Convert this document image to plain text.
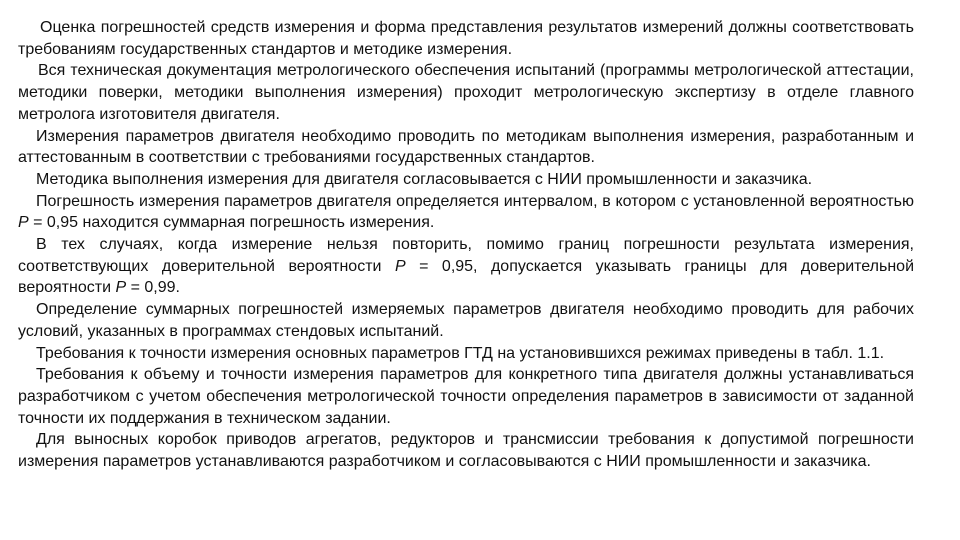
Оценка погрешностей средств измерения и форма представления результатов измерений должны соответствовать требованиям государственных стандартов и методике измерения.

Вся техническая документация метрологического обеспечения испытаний (программы метрологической аттестации, методики поверки, методики выполнения измерения) проходит метрологическую экспертизу в отделе главного метролога изготовителя двигателя.

Измерения параметров двигателя необходимо проводить по методикам выполнения измерения, разработанным и аттестованным в соответствии с требованиями государственных стандартов.

Методика выполнения измерения для двигателя согласовывается с НИИ промышленности и заказчика.

Погрешность измерения параметров двигателя определяется интервалом, в котором с установленной вероятностью P = 0,95 находится суммарная погрешность измерения.

В тех случаях, когда измерение нельзя повторить, помимо границ погрешности результата измерения, соответствующих доверительной вероятности P = 0,95, допускается указывать границы для доверительной вероятности P = 0,99.

Определение суммарных погрешностей измеряемых параметров двигателя необходимо проводить для рабочих условий, указанных в программах стендовых испытаний.

Требования к точности измерения основных параметров ГТД на установившихся режимах приведены в табл. 1.1.

Требования к объему и точности измерения параметров для конкретного типа двигателя должны устанавливаться разработчиком с учетом обеспечения метрологической точности определения параметров в зависимости от заданной точности их поддержания в техническом задании.

Для выносных коробок приводов агрегатов, редукторов и трансмиссии требования к допустимой погрешности измерения параметров устанавливаются разработчиком и согласовываются с НИИ промышленности и заказчика.
